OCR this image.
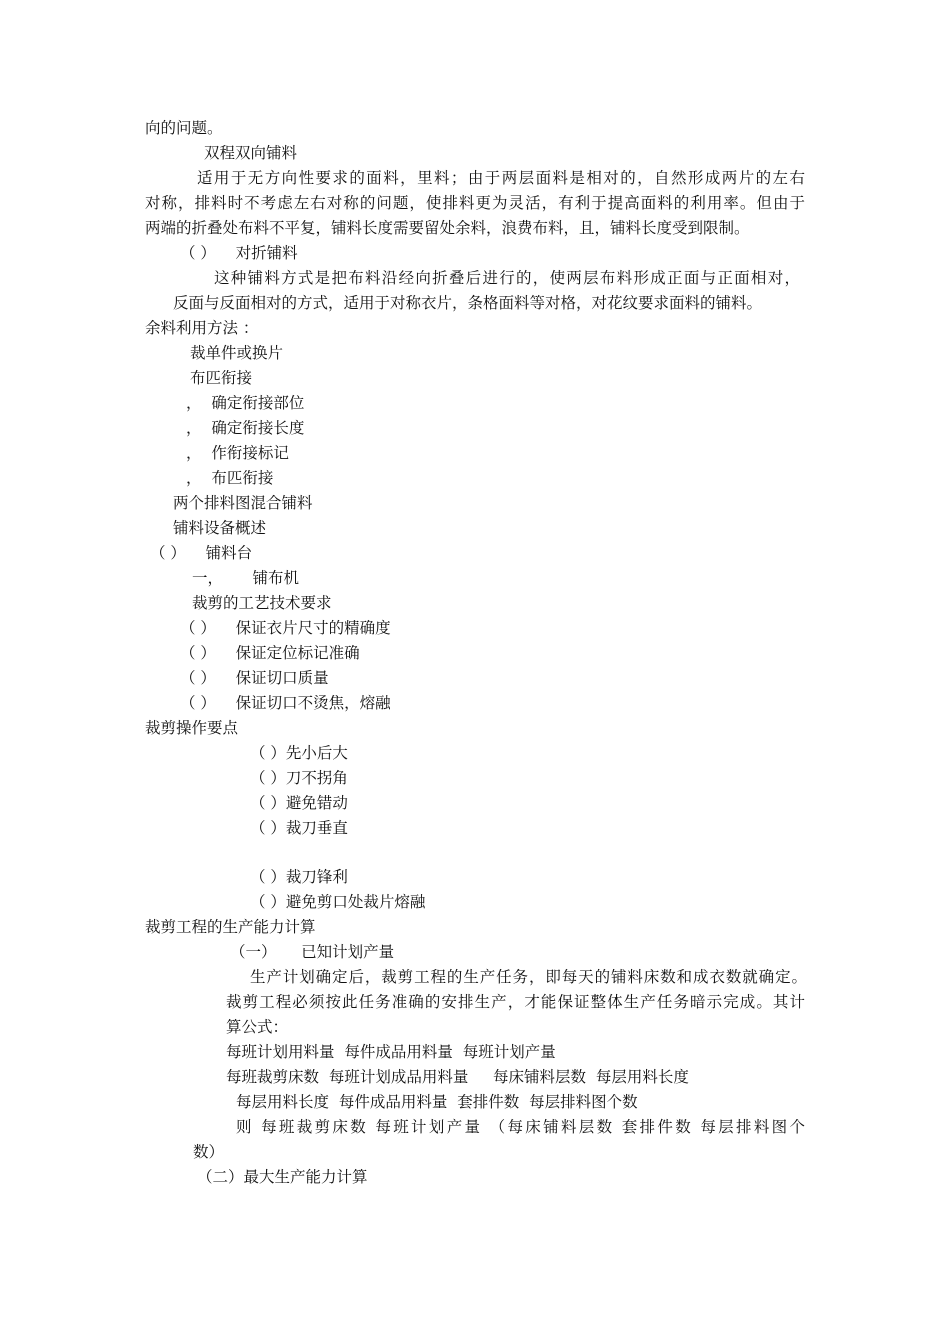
向的问题。
双程双向铺料
适用于无方向性要求的面料，里料；由于两层面料是相对的，自然形成两片的左右
对称，排料时不考虑左右对称的问题，使排料更为灵活，有利于提高面料的利用率。但由于
两端的折叠处布料不平复，铺料长度需要留处余料，浪费布料，且，铺料长度受到限制。
（ ）    对折铺料
这种铺料方式是把布料沿经向折叠后进行的，使两层布料形成正面与正面相对，
反面与反面相对的方式，适用于对称衣片，条格面料等对格，对花纹要求面料的铺料。
余料利用方法 ：
裁单件或换片
布匹衔接
，  确定衔接部位
，  确定衔接长度
，  作衔接标记
，  布匹衔接
两个排料图混合铺料
铺料设备概述
（ ）    铺料台
一，      铺布机
裁剪的工艺技术要求
（ ）    保证衣片尺寸的精确度
（ ）    保证定位标记准确
（ ）    保证切口质量
（ ）    保证切口不烫焦，熔融
裁剪操作要点
（ ）先小后大
（ ）刀不拐角
（ ）避免错动
（ ）裁刀垂直
（ ）裁刀锋利
（ ）避免剪口处裁片熔融
裁剪工程的生产能力计算
（一）     已知计划产量
生产计划确定后，裁剪工程的生产任务，即每天的铺料床数和成衣数就确定。
裁剪工程必须按此任务准确的安排生产，才能保证整体生产任务暗示完成。其计
算公式：
每班计划用料量  每件成品用料量  每班计划产量
每班裁剪床数  每班计划成品用料量     每床铺料层数  每层用料长度
每层用料长度  每件成品用料量  套排件数  每层排料图个数
则 每班裁剪床数 每班计划产量 （每床铺料层数 套排件数 每层排料图个
数）
（二）最大生产能力计算
